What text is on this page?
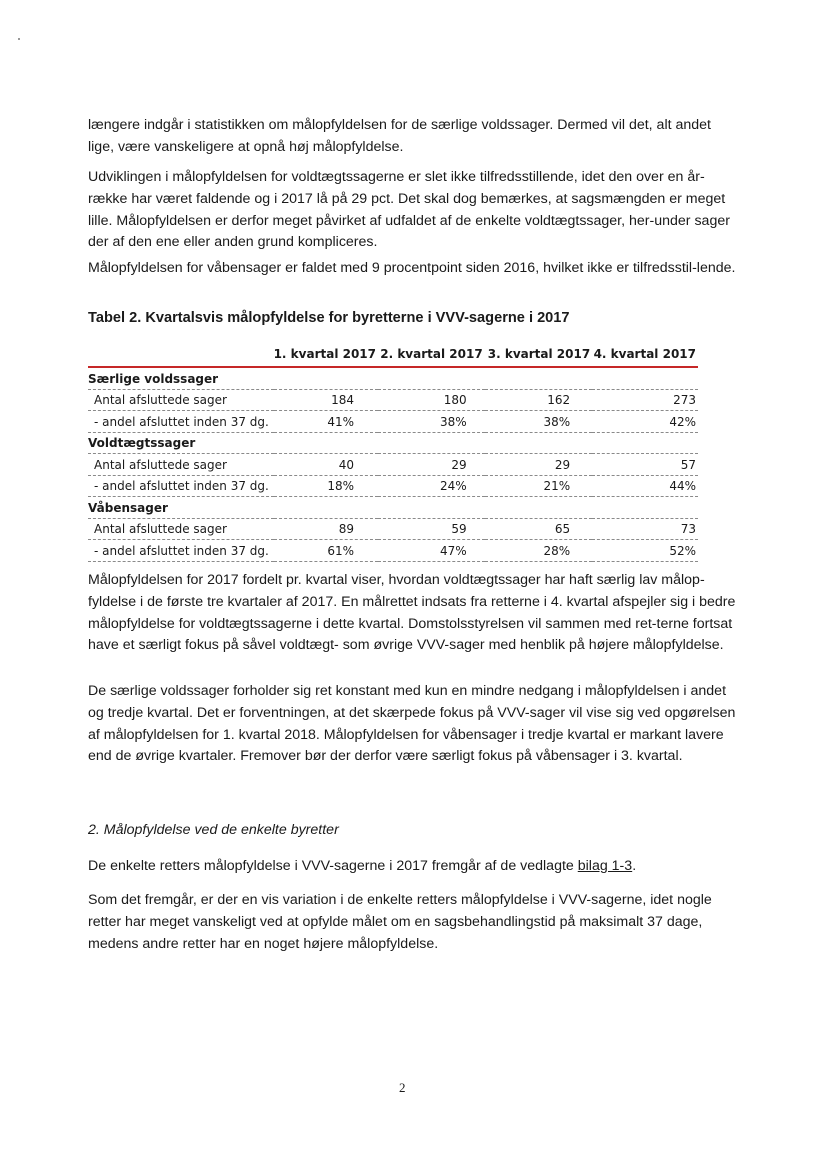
længere indgår i statistikken om målopfyldelsen for de særlige voldssager. Dermed vil det, alt andet lige, være vanskeligere at opnå høj målopfyldelse.

Udviklingen i målopfyldelsen for voldtægtssagerne er slet ikke tilfredsstillende, idet den over en år-række har været faldende og i 2017 lå på 29 pct. Det skal dog bemærkes, at sagsmængden er meget lille. Målopfyldelsen er derfor meget påvirket af udfaldet af de enkelte voldtægtssager, her-under sager der af den ene eller anden grund kompliceres.

Målopfyldelsen for våbensager er faldet med 9 procentpoint siden 2016, hvilket ikke er tilfredsstil-lende.

Tabel 2. Kvartalsvis målopfyldelse for byretterne i VVV-sagerne i 2017

	1. kvartal 2017	2. kvartal 2017	3. kvartal 2017	4. kvartal 2017
Særlige voldssager				
Antal afsluttede sager	184	180	162	273
- andel afsluttet inden 37 dg.	41%	38%	38%	42%
Voldtægtssager				
Antal afsluttede sager	40	29	29	57
- andel afsluttet inden 37 dg.	18%	24%	21%	44%
Våbensager				
Antal afsluttede sager	89	59	65	73
- andel afsluttet inden 37 dg.	61%	47%	28%	52%

Målopfyldelsen for 2017 fordelt pr. kvartal viser, hvordan voldtægtssager har haft særlig lav målop-fyldelse i de første tre kvartaler af 2017. En målrettet indsats fra retterne i 4. kvartal afspejler sig i bedre målopfyldelse for voldtægtssagerne i dette kvartal. Domstolsstyrelsen vil sammen med ret-terne fortsat have et særligt fokus på såvel voldtægt- som øvrige VVV-sager med henblik på højere målopfyldelse.

De særlige voldssager forholder sig ret konstant med kun en mindre nedgang i målopfyldelsen i andet og tredje kvartal. Det er forventningen, at det skærpede fokus på VVV-sager vil vise sig ved opgørelsen af målopfyldelsen for 1. kvartal 2018. Målopfyldelsen for våbensager i tredje kvartal er markant lavere end de øvrige kvartaler. Fremover bør der derfor være særligt fokus på våbensager i 3. kvartal.

2. Målopfyldelse ved de enkelte byretter

De enkelte retters målopfyldelse i VVV-sagerne i 2017 fremgår af de vedlagte bilag 1-3.

Som det fremgår, er der en vis variation i de enkelte retters målopfyldelse i VVV-sagerne, idet nogle retter har meget vanskeligt ved at opfylde målet om en sagsbehandlingstid på maksimalt 37 dage, medens andre retter har en noget højere målopfyldelse.

2
